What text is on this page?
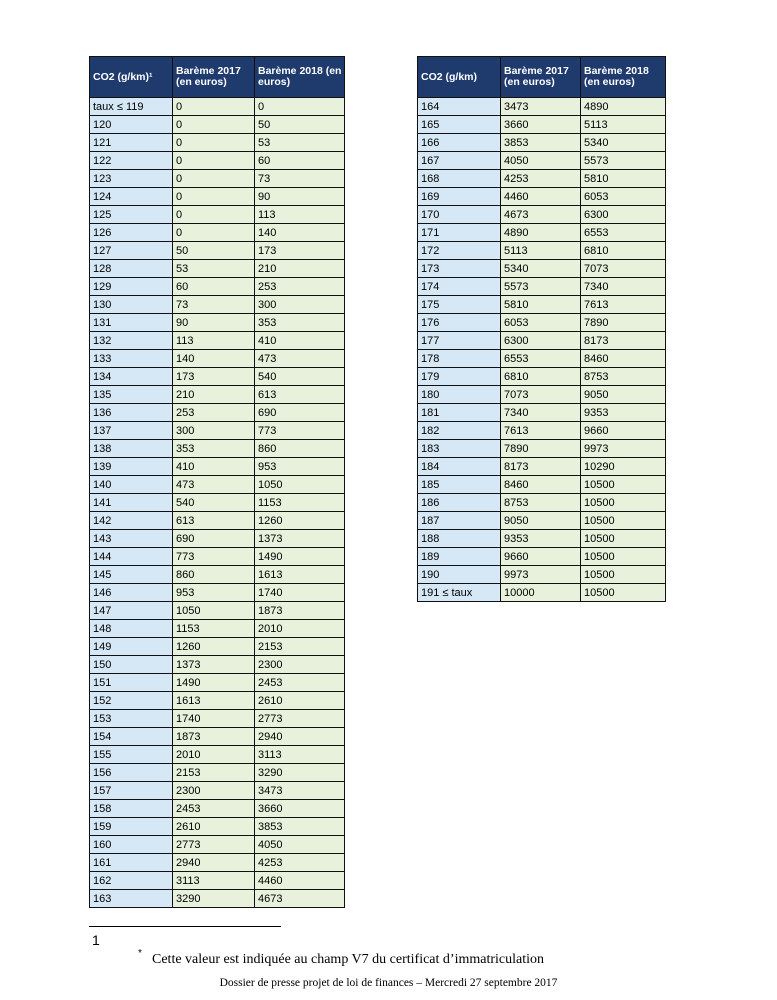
CO2 (g/km)¹	Barème 2017 (en euros)	Barème 2018 (en euros)
taux ≤ 119	0	0
120	0	50
121	0	53
122	0	60
123	0	73
124	0	90
125	0	113
126	0	140
127	50	173
128	53	210
129	60	253
130	73	300
131	90	353
132	113	410
133	140	473
134	173	540
135	210	613
136	253	690
137	300	773
138	353	860
139	410	953
140	473	1050
141	540	1153
142	613	1260
143	690	1373
144	773	1490
145	860	1613
146	953	1740
147	1050	1873
148	1153	2010
149	1260	2153
150	1373	2300
151	1490	2453
152	1613	2610
153	1740	2773
154	1873	2940
155	2010	3113
156	2153	3290
157	2300	3473
158	2453	3660
159	2610	3853
160	2773	4050
161	2940	4253
162	3113	4460
163	3290	4673
CO2 (g/km)	Barème 2017 (en euros)	Barème 2018 (en euros)
164	3473	4890
165	3660	5113
166	3853	5340
167	4050	5573
168	4253	5810
169	4460	6053
170	4673	6300
171	4890	6553
172	5113	6810
173	5340	7073
174	5573	7340
175	5810	7613
176	6053	7890
177	6300	8173
178	6553	8460
179	6810	8753
180	7073	9050
181	7340	9353
182	7613	9660
183	7890	9973
184	8173	10290
185	8460	10500
186	8753	10500
187	9050	10500
188	9353	10500
189	9660	10500
190	9973	10500
191 ≤ taux	10000	10500
1
* Cette valeur est indiquée au champ V7 du certificat d’immatriculation
Dossier de presse projet de loi de finances – Mercredi 27 septembre 2017
